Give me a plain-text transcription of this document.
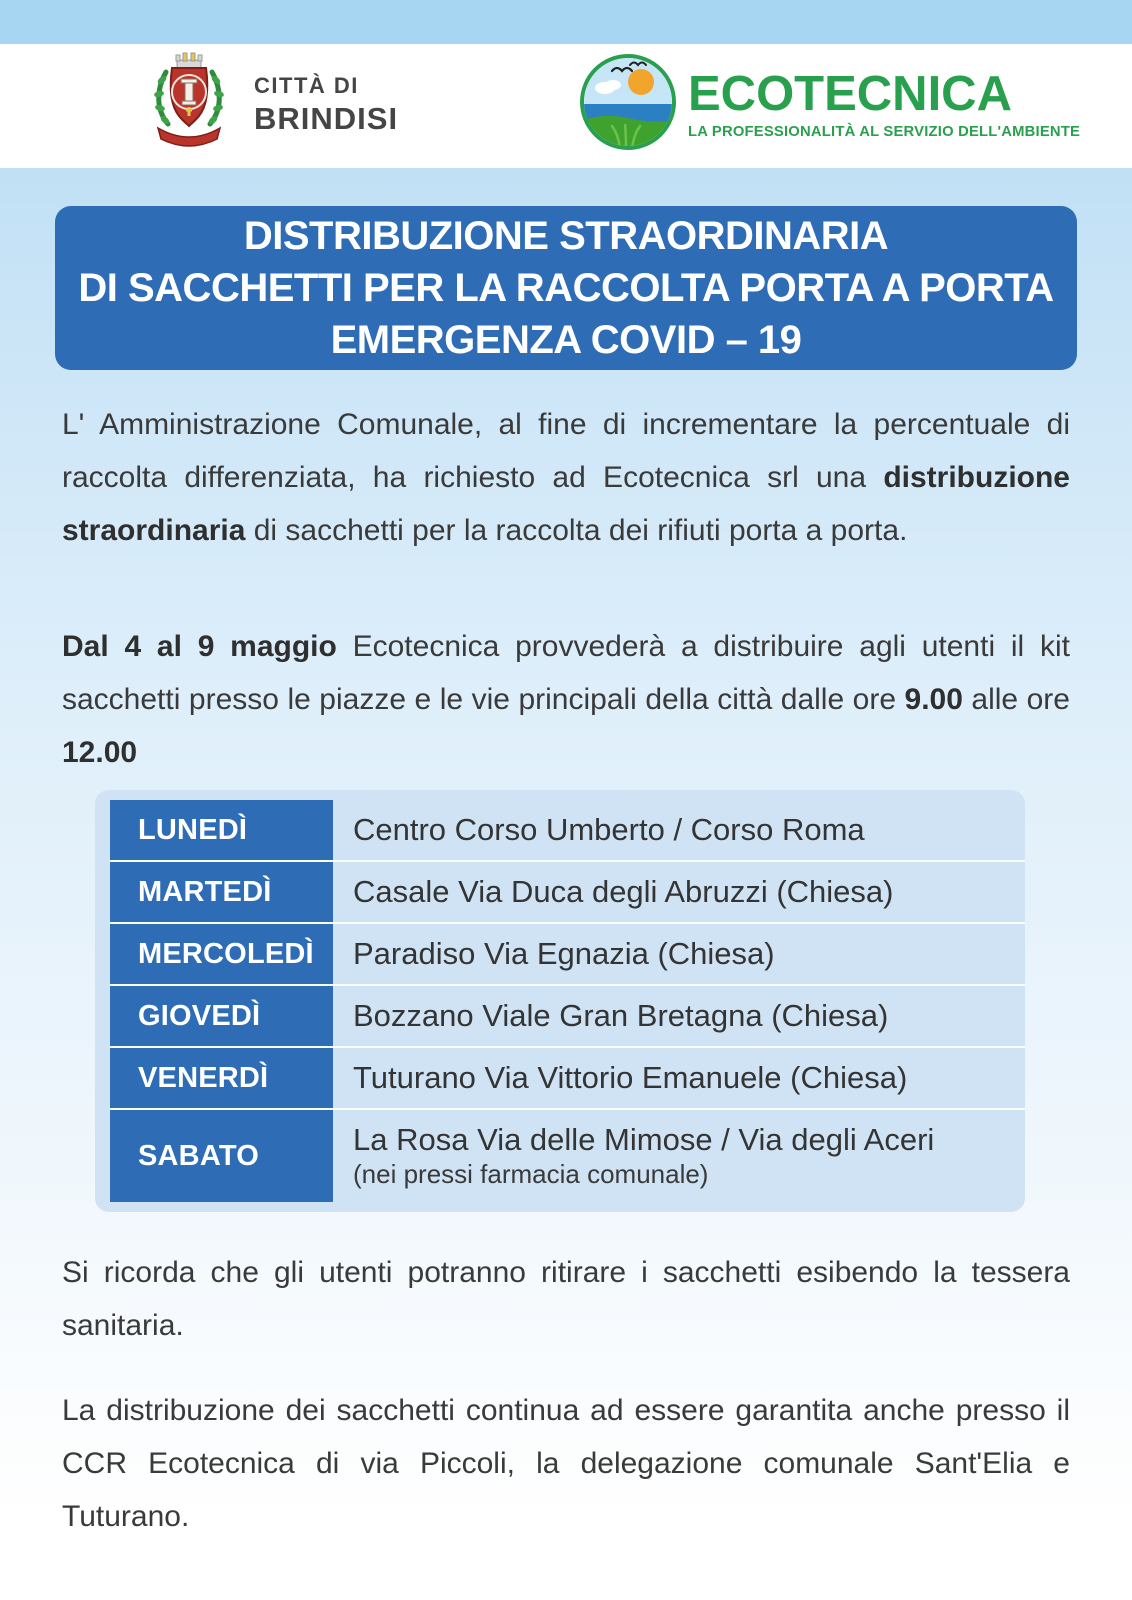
CITTÀ DI
BRINDISI	ECOTECNICA
LA PROFESSIONALITÀ AL SERVIZIO DELL'AMBIENTE
DISTRIBUZIONE STRAORDINARIA
DI SACCHETTI PER LA RACCOLTA PORTA A PORTA
EMERGENZA COVID – 19

L' Amministrazione Comunale, al fine di incrementare la percentuale di raccolta differenziata, ha richiesto ad Ecotecnica srl una distribuzione straordinaria di sacchetti per la raccolta dei rifiuti porta a porta.

Dal 4 al 9 maggio Ecotecnica provvederà a distribuire agli utenti il kit sacchetti presso le piazze e le vie principali della città dalle ore 9.00 alle ore 12.00

LUNEDÌ	Centro Corso Umberto / Corso Roma
MARTEDÌ	Casale Via Duca degli Abruzzi (Chiesa)
MERCOLEDÌ	Paradiso Via Egnazia (Chiesa)
GIOVEDÌ	Bozzano Viale Gran Bretagna (Chiesa)
VENERDÌ	Tuturano Via Vittorio Emanuele (Chiesa)
SABATO	La Rosa Via delle Mimose / Via degli Aceri
(nei pressi farmacia comunale)

Si ricorda che gli utenti potranno ritirare i sacchetti esibendo la tessera sanitaria.

La distribuzione dei sacchetti continua ad essere garantita anche presso il CCR Ecotecnica di via Piccoli, la delegazione comunale Sant'Elia e Tuturano.
